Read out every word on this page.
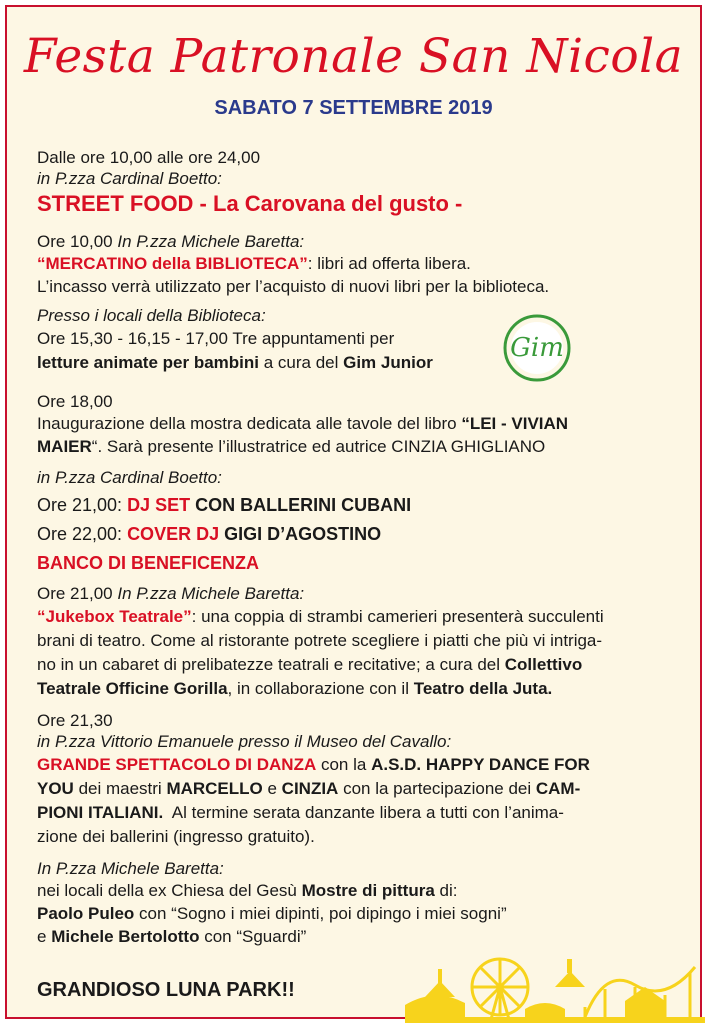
Festa Patronale San Nicola
SABATO 7 SETTEMBRE 2019
Dalle ore 10,00 alle ore 24,00
in P.zza Cardinal Boetto:
STREET FOOD - La Carovana del gusto -
Ore 10,00 In P.zza Michele Baretta:
“MERCATINO della BIBLIOTECA”: libri ad offerta libera.
L’incasso verrà utilizzato per l’acquisto di nuovi libri per la biblioteca.
Presso i locali della Biblioteca:
Ore 15,30 - 16,15 - 17,00 Tre appuntamenti per
letture animate per bambini a cura del Gim Junior	Gim
Ore 18,00
Inaugurazione della mostra dedicata alle tavole del libro “LEI - VIVIAN
MAIER“. Sarà presente l’illustratrice ed autrice CINZIA GHIGLIANO
in P.zza Cardinal Boetto:
Ore 21,00: DJ SET CON BALLERINI CUBANI
Ore 22,00: COVER DJ GIGI D’AGOSTINO
BANCO DI BENEFICENZA
Ore 21,00 In P.zza Michele Baretta:
“Jukebox Teatrale”: una coppia di strambi camerieri presenterà succulenti
brani di teatro. Come al ristorante potrete scegliere i piatti che più vi intriga-
no in un cabaret di prelibatezze teatrali e recitative; a cura del Collettivo
Teatrale Officine Gorilla, in collaborazione con il Teatro della Juta.
Ore 21,30
in P.zza Vittorio Emanuele presso il Museo del Cavallo:
GRANDE SPETTACOLO DI DANZA con la A.S.D. HAPPY DANCE FOR
YOU dei maestri MARCELLO e CINZIA con la partecipazione dei CAM-
PIONI ITALIANI.  Al termine serata danzante libera a tutti con l’anima-
zione dei ballerini (ingresso gratuito).
In P.zza Michele Baretta:
nei locali della ex Chiesa del Gesù Mostre di pittura di:
Paolo Puleo con “Sogno i miei dipinti, poi dipingo i miei sogni”
e Michele Bertolotto con “Sguardi”
GRANDIOSO LUNA PARK!!
